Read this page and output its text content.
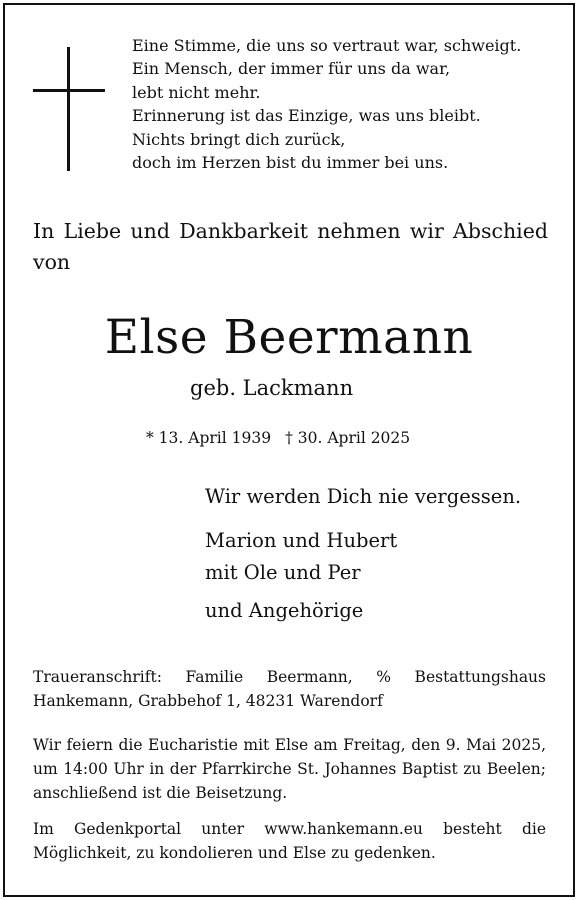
Eine Stimme, die uns so vertraut war, schweigt.
Ein Mensch, der immer für uns da war,
lebt nicht mehr.
Erinnerung ist das Einzige, was uns bleibt.
Nichts bringt dich zurück,
doch im Herzen bist du immer bei uns.
In Liebe und Dankbarkeit nehmen wir Abschied von
Else Beermann
geb. Lackmann
* 13. April 1939 † 30. April 2025
Wir werden Dich nie vergessen.
Marion und Hubert
mit Ole und Per
und Angehörige
Traueranschrift: Familie Beermann, % Bestattungshaus Hankemann, Grabbehof 1, 48231 Warendorf
Wir feiern die Eucharistie mit Else am Freitag, den 9. Mai 2025, um 14:00 Uhr in der Pfarrkirche St. Johannes Baptist zu Beelen; anschließend ist die Beisetzung.
Im Gedenkportal unter www.hankemann.eu besteht die Möglichkeit, zu kondolieren und Else zu gedenken.
